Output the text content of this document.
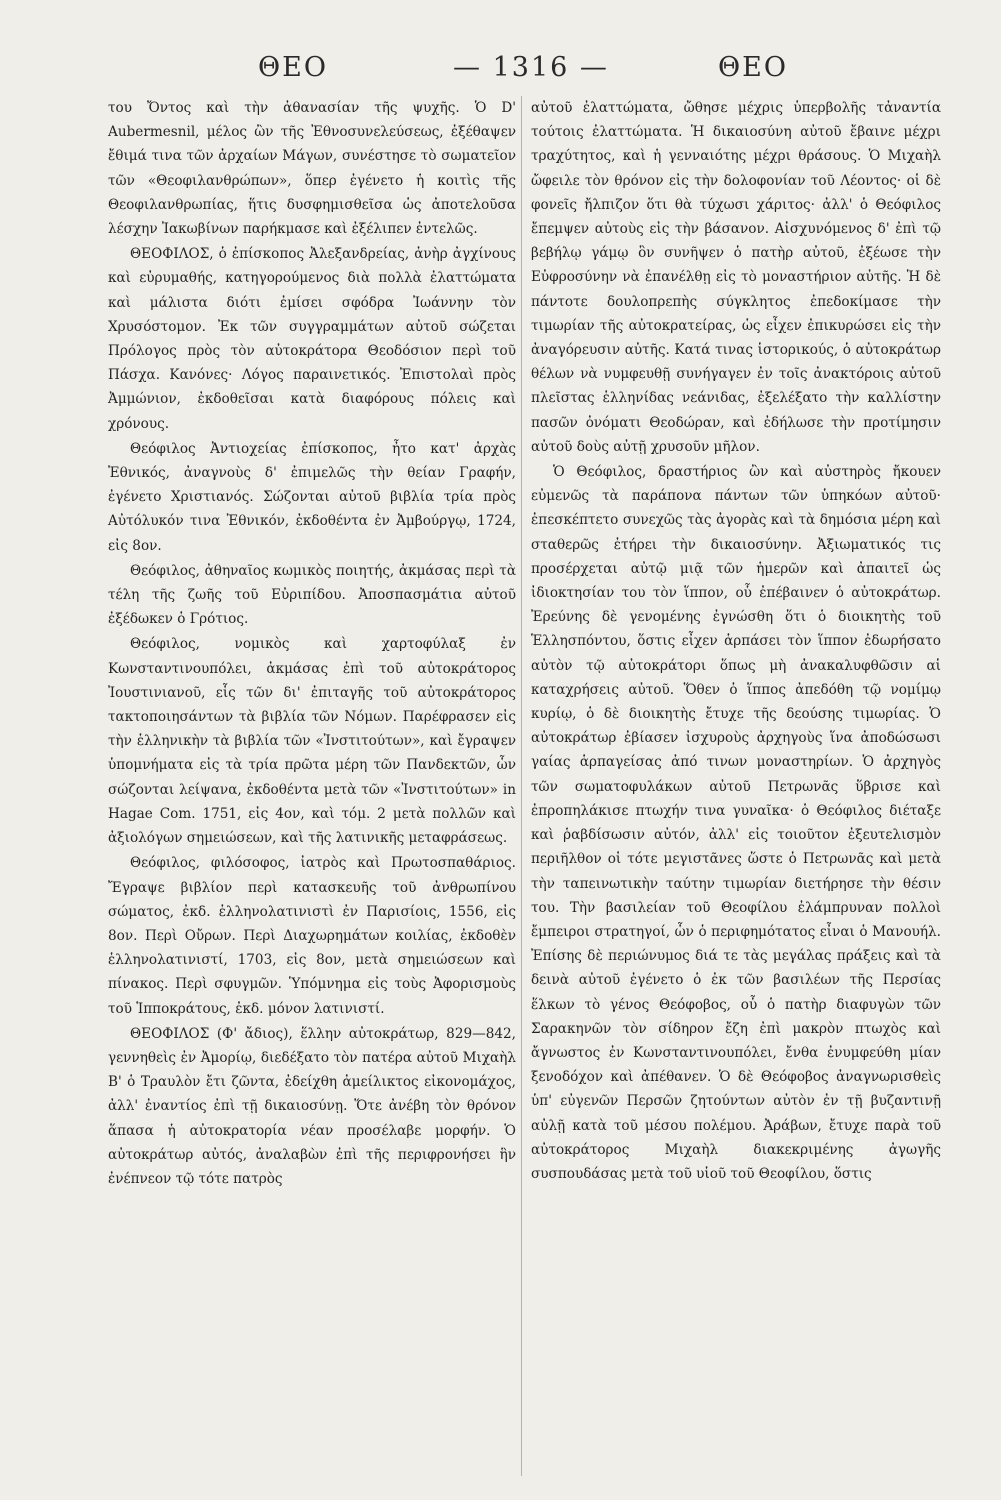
ΘΕΟ	— 1316 —	ΘΕΟ

του Ὄντος καὶ τὴν ἀθανασίαν τῆς ψυχῆς. Ὁ D' Aubermesnil, μέλος ὢν τῆς Ἐθνοσυνελεύσεως, ἐξέθαψεν ἔθιμά τινα τῶν ἀρχαίων Μάγων, συνέστησε τὸ σωματεῖον τῶν «Θεοφιλανθρώπων», ὅπερ ἐγένετο ἡ κοιτὶς τῆς Θεοφιλανθρωπίας, ἥτις δυσφημισθεῖσα ὡς ἀποτελοῦσα λέσχην Ἰακωβίνων παρήκμασε καὶ ἐξέλιπεν ἐντελῶς.

ΘΕΟΦΙΛΟΣ, ὁ ἐπίσκοπος Ἀλεξανδρείας, ἀνὴρ ἀγχίνους καὶ εὐρυμαθής, κατηγορούμενος διὰ πολλὰ ἐλαττώματα καὶ μάλιστα διότι ἐμίσει σφόδρα Ἰωάννην τὸν Χρυσόστομον. Ἐκ τῶν συγγραμμάτων αὐτοῦ σώζεται Πρόλογος πρὸς τὸν αὐτοκράτορα Θεοδόσιον περὶ τοῦ Πάσχα. Κανόνες· Λόγος παραινετικός. Ἐπιστολαὶ πρὸς Ἀμμώνιον, ἐκδοθεῖσαι κατὰ διαφόρους πόλεις καὶ χρόνους.

Θεόφιλος Ἀντιοχείας ἐπίσκοπος, ἦτο κατ' ἀρχὰς Ἐθνικός, ἀναγνοὺς δ' ἐπιμελῶς τὴν θείαν Γραφήν, ἐγένετο Χριστιανός. Σώζονται αὐτοῦ βιβλία τρία πρὸς Αὐτόλυκόν τινα Ἐθνικόν, ἐκδοθέντα ἐν Ἀμβούργῳ, 1724, εἰς 8ον.

Θεόφιλος, ἀθηναῖος κωμικὸς ποιητής, ἀκμάσας περὶ τὰ τέλη τῆς ζωῆς τοῦ Εὐριπίδου. Ἀποσπασμάτια αὐτοῦ ἐξέδωκεν ὁ Γρότιος.

Θεόφιλος, νομικὸς καὶ χαρτοφύλαξ ἐν Κωνσταντινουπόλει, ἀκμάσας ἐπὶ τοῦ αὐτοκράτορος Ἰουστινιανοῦ, εἷς τῶν δι' ἐπιταγῆς τοῦ αὐτοκράτορος τακτοποιησάντων τὰ βιβλία τῶν Νόμων. Παρέφρασεν εἰς τὴν ἑλληνικὴν τὰ βιβλία τῶν «Ἰνστιτούτων», καὶ ἔγραψεν ὑπομνήματα εἰς τὰ τρία πρῶτα μέρη τῶν Πανδεκτῶν, ὧν σώζονται λείψανα, ἐκδοθέντα μετὰ τῶν «Ἰνστιτούτων» in Hagae Com. 1751, εἰς 4ον, καὶ τόμ. 2 μετὰ πολλῶν καὶ ἀξιολόγων σημειώσεων, καὶ τῆς λατινικῆς μεταφράσεως.

Θεόφιλος, φιλόσοφος, ἰατρὸς καὶ Πρωτοσπαθάριος. Ἔγραψε βιβλίον περὶ κατασκευῆς τοῦ ἀνθρωπίνου σώματος, ἐκδ. ἑλληνολατινιστὶ ἐν Παρισίοις, 1556, εἰς 8ον. Περὶ Οὔρων. Περὶ Διαχωρημάτων κοιλίας, ἐκδοθὲν ἑλληνολατινιστί, 1703, εἰς 8ον, μετὰ σημειώσεων καὶ πίνακος. Περὶ σφυγμῶν. Ὑπόμνημα εἰς τοὺς Ἀφορισμοὺς τοῦ Ἱπποκράτους, ἐκδ. μόνον λατινιστί.

ΘΕΟΦΙΛΟΣ (Φ' ἄδιος), ἕλλην αὐτοκράτωρ, 829—842, γεννηθεὶς ἐν Ἀμορίῳ, διεδέξατο τὸν πατέρα αὐτοῦ Μιχαὴλ Β' ὁ Τραυλὸν ἔτι ζῶντα, ἐδείχθη ἀμείλικτος εἰκονομάχος, ἀλλ' ἐναντίος ἐπὶ τῇ δικαιοσύνῃ. Ὅτε ἀνέβη τὸν θρόνον ἅπασα ἡ αὐτοκρατορία νέαν προσέλαβε μορφήν. Ὁ αὐτοκράτωρ αὐτός, ἀναλαβὼν ἐπὶ τῆς περιφρονήσει ἣν ἐνέπνεον τῷ τότε πατρὸς

αὐτοῦ ἐλαττώματα, ὤθησε μέχρις ὑπερβολῆς τἀναντία τούτοις ἐλαττώματα. Ἡ δικαιοσύνη αὐτοῦ ἔβαινε μέχρι τραχύτητος, καὶ ἡ γενναιότης μέχρι θράσους. Ὁ Μιχαὴλ ὤφειλε τὸν θρόνον εἰς τὴν δολοφονίαν τοῦ Λέοντος· οἱ δὲ φονεῖς ἤλπιζον ὅτι θὰ τύχωσι χάριτος· ἀλλ' ὁ Θεόφιλος ἔπεμψεν αὐτοὺς εἰς τὴν βάσανον. Αἰσχυνόμενος δ' ἐπὶ τῷ βεβήλῳ γάμῳ ὃν συνῆψεν ὁ πατὴρ αὐτοῦ, ἐξέωσε τὴν Εὐφροσύνην νὰ ἐπανέλθῃ εἰς τὸ μοναστήριον αὐτῆς. Ἡ δὲ πάντοτε δουλοπρεπὴς σύγκλητος ἐπεδοκίμασε τὴν τιμωρίαν τῆς αὐτοκρατείρας, ὡς εἶχεν ἐπικυρώσει εἰς τὴν ἀναγόρευσιν αὐτῆς. Κατά τινας ἱστορικούς, ὁ αὐτοκράτωρ θέλων νὰ νυμφευθῇ συνήγαγεν ἐν τοῖς ἀνακτόροις αὐτοῦ πλεῖστας ἑλληνίδας νεάνιδας, ἐξελέξατο τὴν καλλίστην πασῶν ὀνόματι Θεοδώραν, καὶ ἐδήλωσε τὴν προτίμησιν αὐτοῦ δοὺς αὐτῇ χρυσοῦν μῆλον.

Ὁ Θεόφιλος, δραστήριος ὢν καὶ αὐστηρὸς ἤκουεν εὐμενῶς τὰ παράπονα πάντων τῶν ὑπηκόων αὐτοῦ· ἐπεσκέπτετο συνεχῶς τὰς ἀγορὰς καὶ τὰ δημόσια μέρη καὶ σταθερῶς ἐτήρει τὴν δικαιοσύνην. Ἀξιωματικός τις προσέρχεται αὐτῷ μιᾷ τῶν ἡμερῶν καὶ ἀπαιτεῖ ὡς ἰδιοκτησίαν του τὸν ἵππον, οὗ ἐπέβαινεν ὁ αὐτοκράτωρ. Ἐρεύνης δὲ γενομένης ἐγνώσθη ὅτι ὁ διοικητὴς τοῦ Ἑλλησπόντου, ὅστις εἶχεν ἁρπάσει τὸν ἵππον ἐδωρήσατο αὐτὸν τῷ αὐτοκράτορι ὅπως μὴ ἀνακαλυφθῶσιν αἱ καταχρήσεις αὐτοῦ. Ὅθεν ὁ ἵππος ἀπεδόθη τῷ νομίμῳ κυρίῳ, ὁ δὲ διοικητὴς ἔτυχε τῆς δεούσης τιμωρίας. Ὁ αὐτοκράτωρ ἐβίασεν ἰσχυροὺς ἀρχηγοὺς ἵνα ἀποδώσωσι γαίας ἁρπαγείσας ἀπό τινων μοναστηρίων. Ὁ ἀρχηγὸς τῶν σωματοφυλάκων αὐτοῦ Πετρωνᾶς ὕβρισε καὶ ἐπροπηλάκισε πτωχήν τινα γυναῖκα· ὁ Θεόφιλος διέταξε καὶ ῥαβδίσωσιν αὐτόν, ἀλλ' εἰς τοιοῦτον ἐξευτελισμὸν περιῆλθον οἱ τότε μεγιστᾶνες ὥστε ὁ Πετρωνᾶς καὶ μετὰ τὴν ταπεινωτικὴν ταύτην τιμωρίαν διετήρησε τὴν θέσιν του. Τὴν βασιλείαν τοῦ Θεοφίλου ἐλάμπρυναν πολλοὶ ἔμπειροι στρατηγοί, ὧν ὁ περιφημότατος εἶναι ὁ Μανουήλ. Ἐπίσης δὲ περιώνυμος διά τε τὰς μεγάλας πράξεις καὶ τὰ δεινὰ αὐτοῦ ἐγένετο ὁ ἐκ τῶν βασιλέων τῆς Περσίας ἕλκων τὸ γένος Θεόφοβος, οὗ ὁ πατὴρ διαφυγὼν τῶν Σαρακηνῶν τὸν σίδηρον ἔζη ἐπὶ μακρὸν πτωχὸς καὶ ἄγνωστος ἐν Κωνσταντινουπόλει, ἔνθα ἐνυμφεύθη μίαν ξενοδόχον καὶ ἀπέθανεν. Ὁ δὲ Θεόφοβος ἀναγνωρισθεὶς ὑπ' εὐγενῶν Περσῶν ζητούντων αὐτὸν ἐν τῇ βυζαντινῇ αὐλῇ κατὰ τοῦ μέσου πολέμου. Ἀράβων, ἔτυχε παρὰ τοῦ αὐτοκράτορος Μιχαὴλ διακεκριμένης ἀγωγῆς συσπουδάσας μετὰ τοῦ υἱοῦ τοῦ Θεοφίλου, ὅστις
